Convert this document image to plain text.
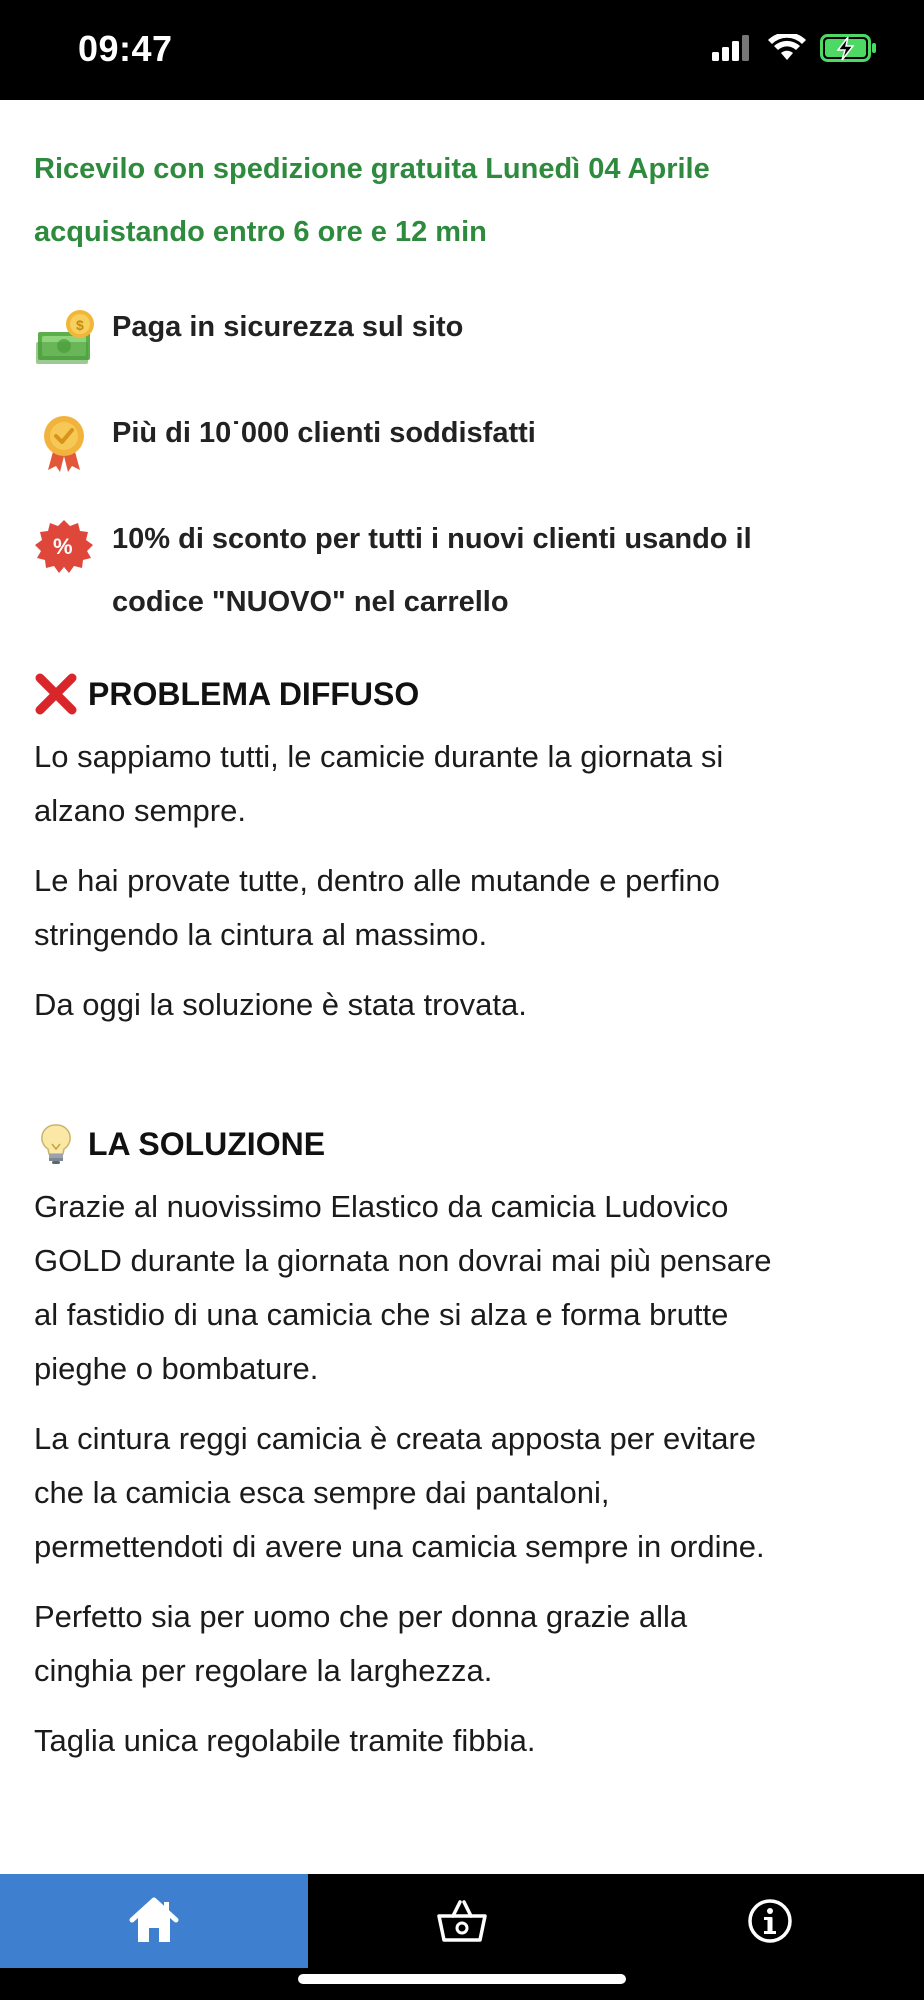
09:47
Ricevilo con spedizione gratuita Lunedì 04 Aprile
acquistando entro 6 ore e 12 min
$ Paga in sicurezza sul sito
Più di 10˙000 clienti soddisfatti
% 10% di sconto per tutti i nuovi clienti usando il
codice "NUOVO" nel carrello
PROBLEMA DIFFUSO
Lo sappiamo tutti, le camicie durante la giornata si
alzano sempre.
Le hai provate tutte, dentro alle mutande e perfino
stringendo la cintura al massimo.
Da oggi la soluzione è stata trovata.
LA SOLUZIONE
Grazie al nuovissimo Elastico da camicia Ludovico
GOLD durante la giornata non dovrai mai più pensare
al fastidio di una camicia che si alza e forma brutte
pieghe o bombature.
La cintura reggi camicia è creata apposta per evitare
che la camicia esca sempre dai pantaloni,
permettendoti di avere una camicia sempre in ordine.
Perfetto sia per uomo che per donna grazie alla
cinghia per regolare la larghezza.
Taglia unica regolabile tramite fibbia.
